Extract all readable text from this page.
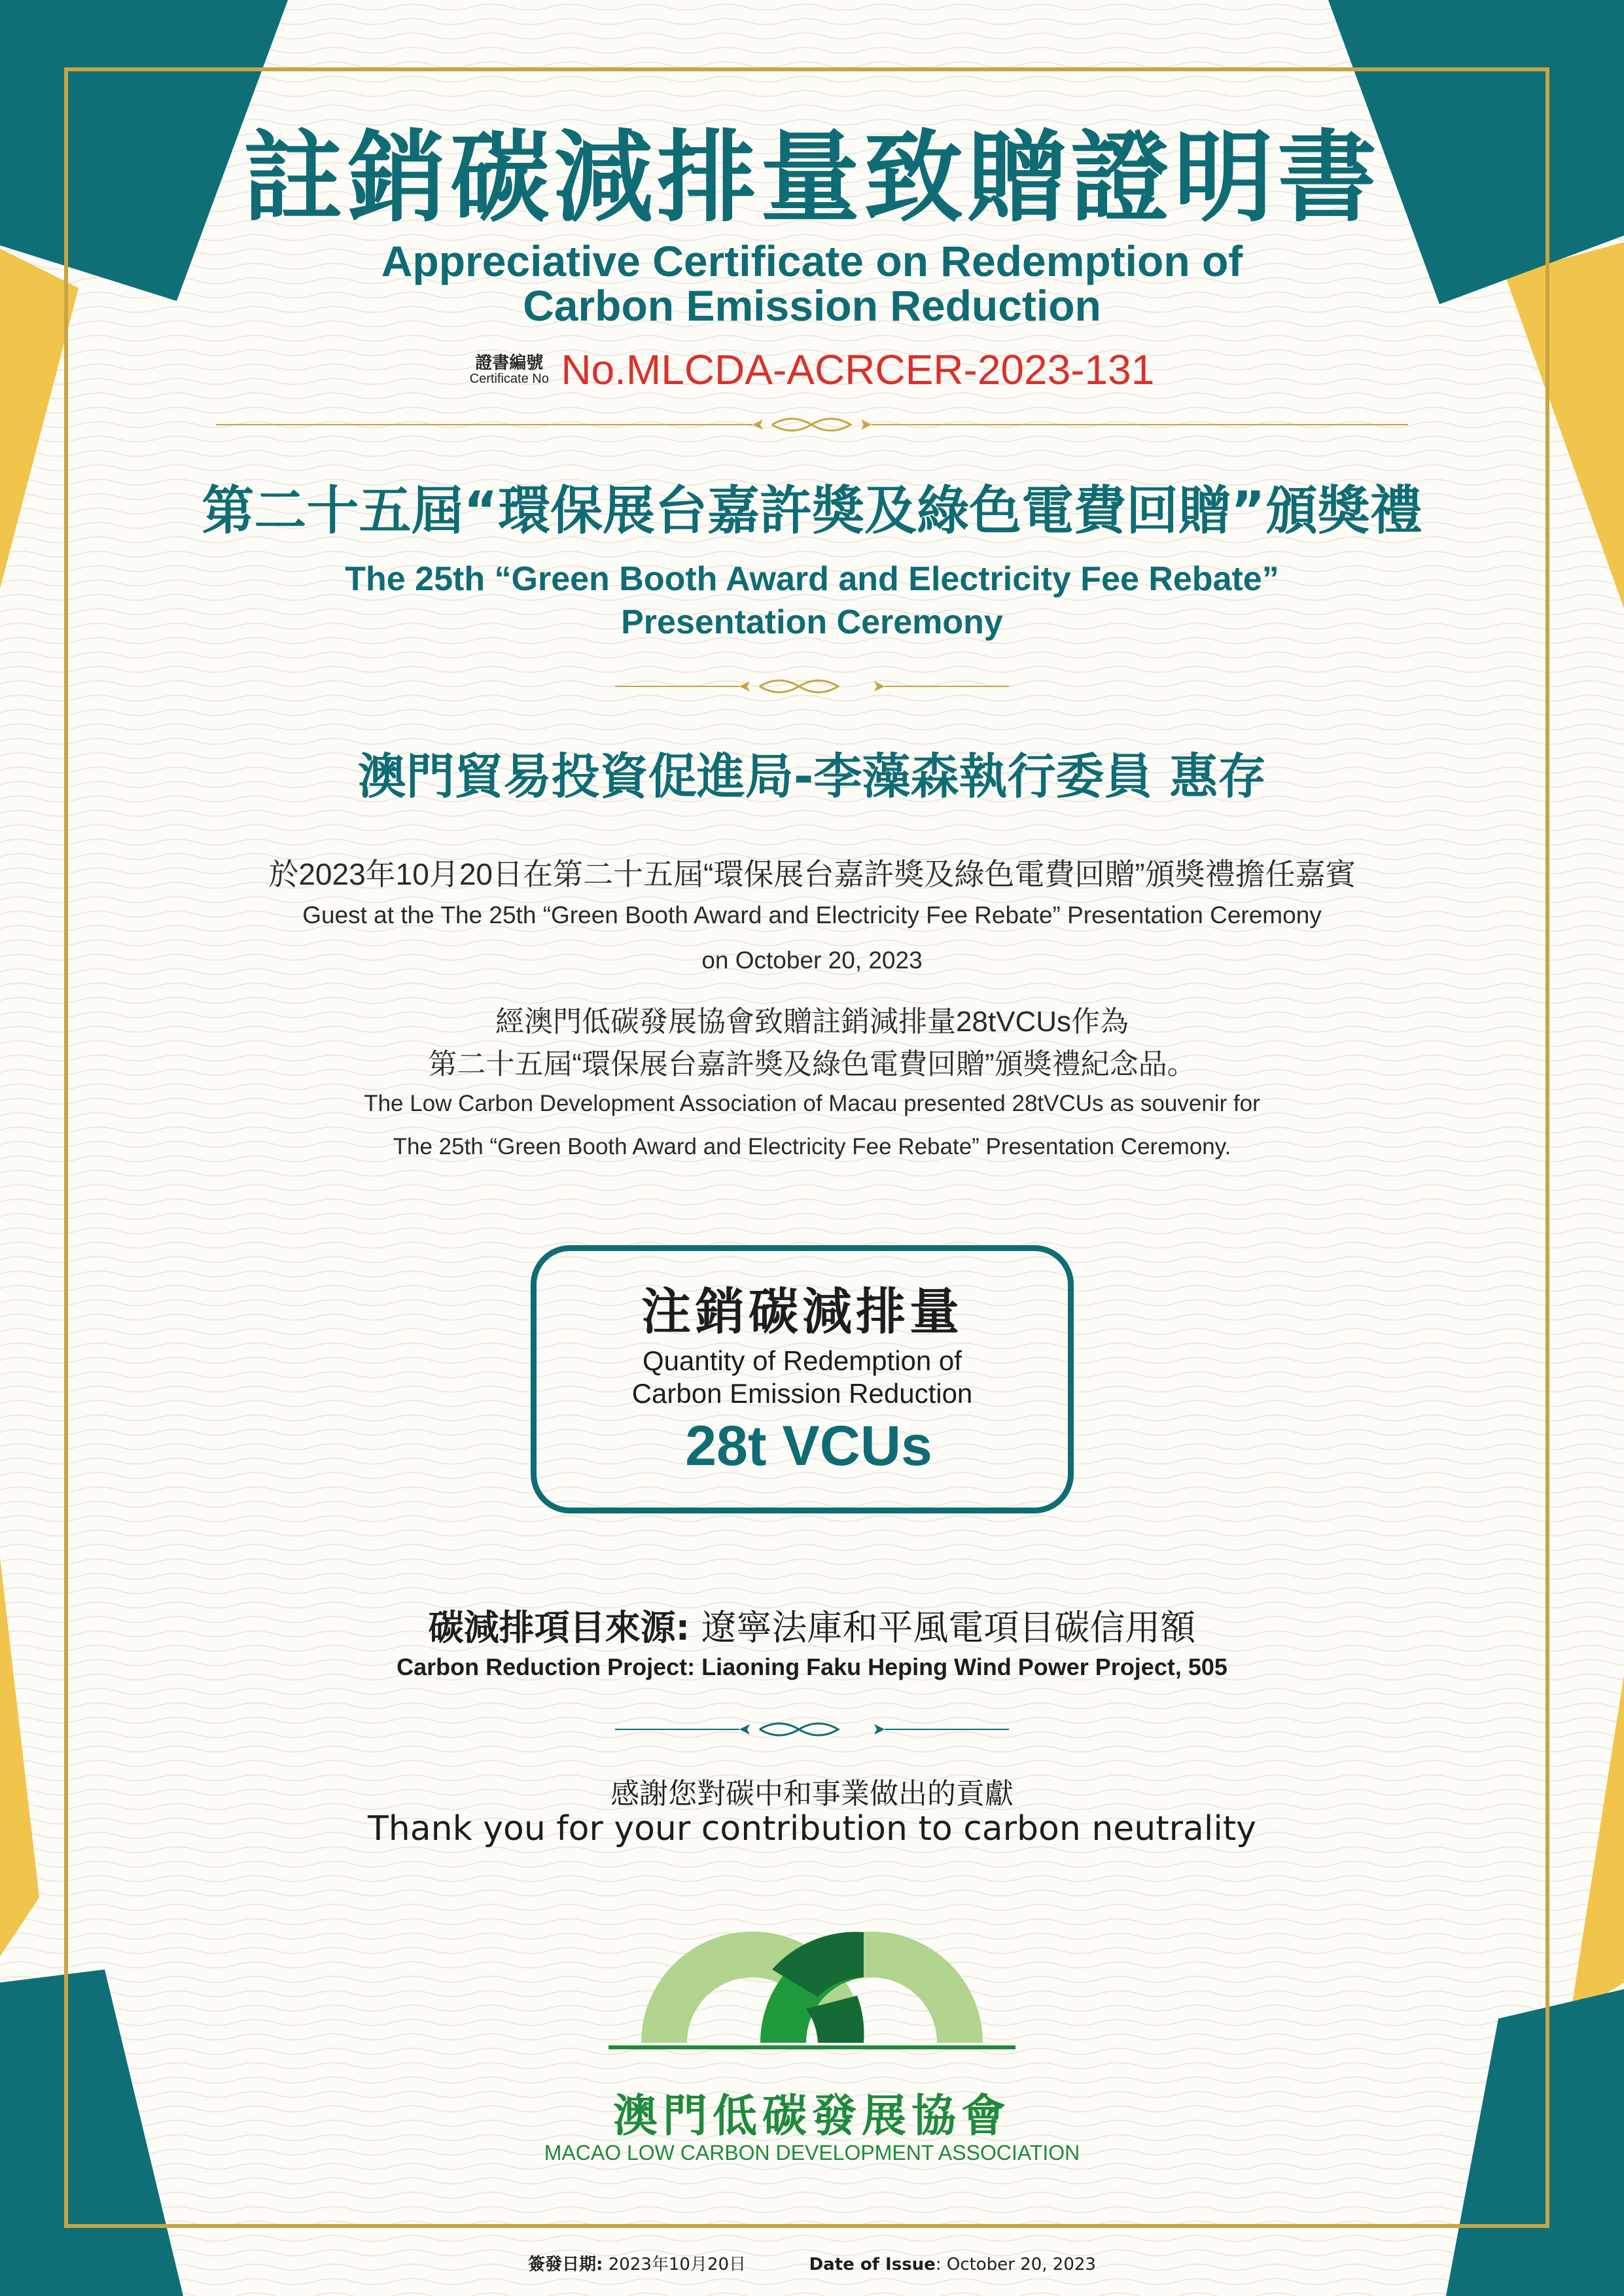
註銷碳減排量致贈證明書
Appreciative Certificate on Redemption of
Carbon Emission Reduction
證書編號
Certificate No No.MLCDA-ACRCER-2023-131
第二十五屆“環保展台嘉許獎及綠色電費回贈”頒獎禮
The 25th “Green Booth Award and Electricity Fee Rebate”
Presentation Ceremony
澳門貿易投資促進局-李藻森執行委員 惠存
於2023年10月20日在第二十五屆“環保展台嘉許獎及綠色電費回贈”頒獎禮擔任嘉賓
Guest at the The 25th “Green Booth Award and Electricity Fee Rebate” Presentation Ceremony
on October 20, 2023
經澳門低碳發展協會致贈註銷減排量28tVCUs作為
第二十五屆“環保展台嘉許獎及綠色電費回贈”頒獎禮紀念品。
The Low Carbon Development Association of Macau presented 28tVCUs as souvenir for
The 25th “Green Booth Award and Electricity Fee Rebate” Presentation Ceremony.
注銷碳減排量
Quantity of Redemption of
Carbon Emission Reduction
28t VCUs
碳減排項目來源: 遼寧法庫和平風電項目碳信用額
Carbon Reduction Project: Liaoning Faku Heping Wind Power Project, 505
感謝您對碳中和事業做出的貢獻
Thank you for your contribution to carbon neutrality
澳門低碳發展協會
MACAO LOW CARBON DEVELOPMENT ASSOCIATION
簽發日期: 2023年10月20日	Date of Issue: October 20, 2023
